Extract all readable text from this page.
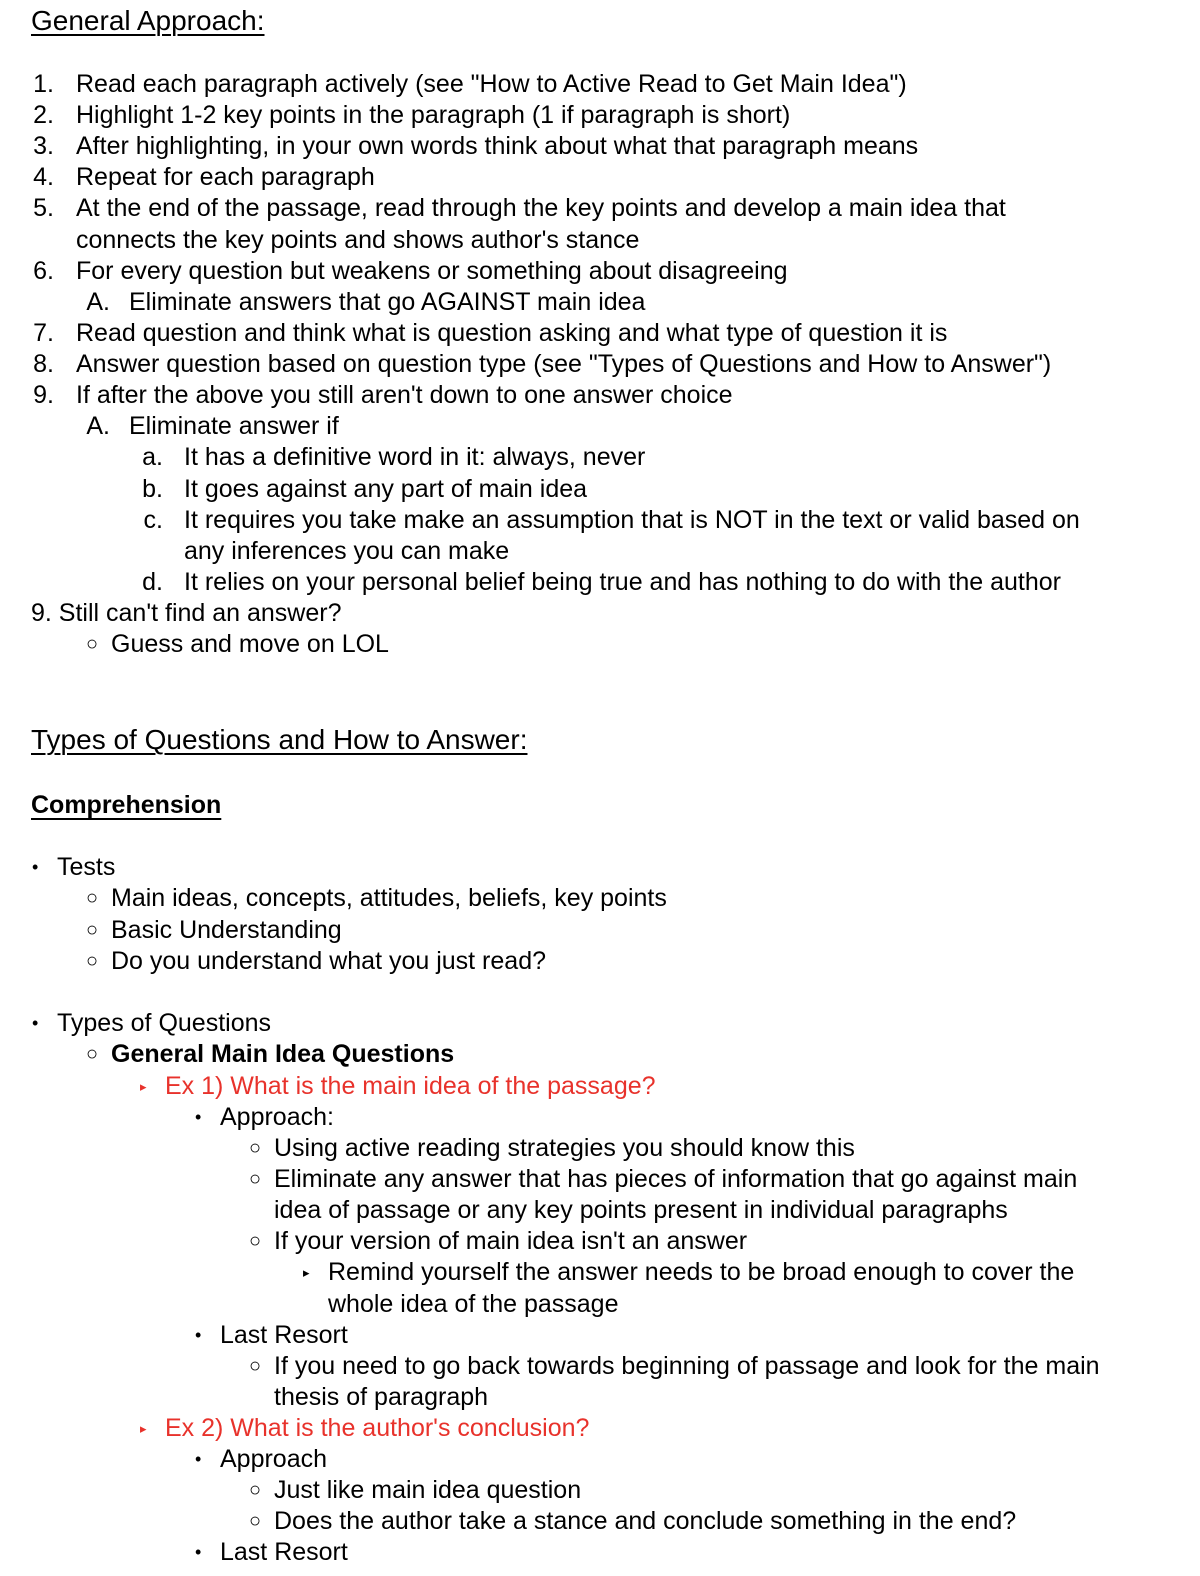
General Approach:
1. Read each paragraph actively (see "How to Active Read to Get Main Idea")
2. Highlight 1-2 key points in the paragraph (1 if paragraph is short)
3. After highlighting, in your own words think about what that paragraph means
4. Repeat for each paragraph
5. At the end of the passage, read through the key points and develop a main idea that
connects the key points and shows author's stance
6. For every question but weakens or something about disagreeing
A. Eliminate answers that go AGAINST main idea
7. Read question and think what is question asking and what type of question it is
8. Answer question based on question type (see "Types of Questions and How to Answer")
9. If after the above you still aren't down to one answer choice
A. Eliminate answer if
a. It has a definitive word in it: always, never
b. It goes against any part of main idea
c. It requires you take make an assumption that is NOT in the text or valid based on
any inferences you can make
d. It relies on your personal belief being true and has nothing to do with the author
9. Still can't find an answer?
○ Guess and move on LOL
Types of Questions and How to Answer:
Comprehension
• Tests
○ Main ideas, concepts, attitudes, beliefs, key points
○ Basic Understanding
○ Do you understand what you just read?
• Types of Questions
○ General Main Idea Questions
▸ Ex 1) What is the main idea of the passage?
• Approach:
○ Using active reading strategies you should know this
○ Eliminate any answer that has pieces of information that go against main
idea of passage or any key points present in individual paragraphs
○ If your version of main idea isn't an answer
▸ Remind yourself the answer needs to be broad enough to cover the
whole idea of the passage
• Last Resort
○ If you need to go back towards beginning of passage and look for the main
thesis of paragraph
▸ Ex 2) What is the author's conclusion?
• Approach
○ Just like main idea question
○ Does the author take a stance and conclude something in the end?
• Last Resort
